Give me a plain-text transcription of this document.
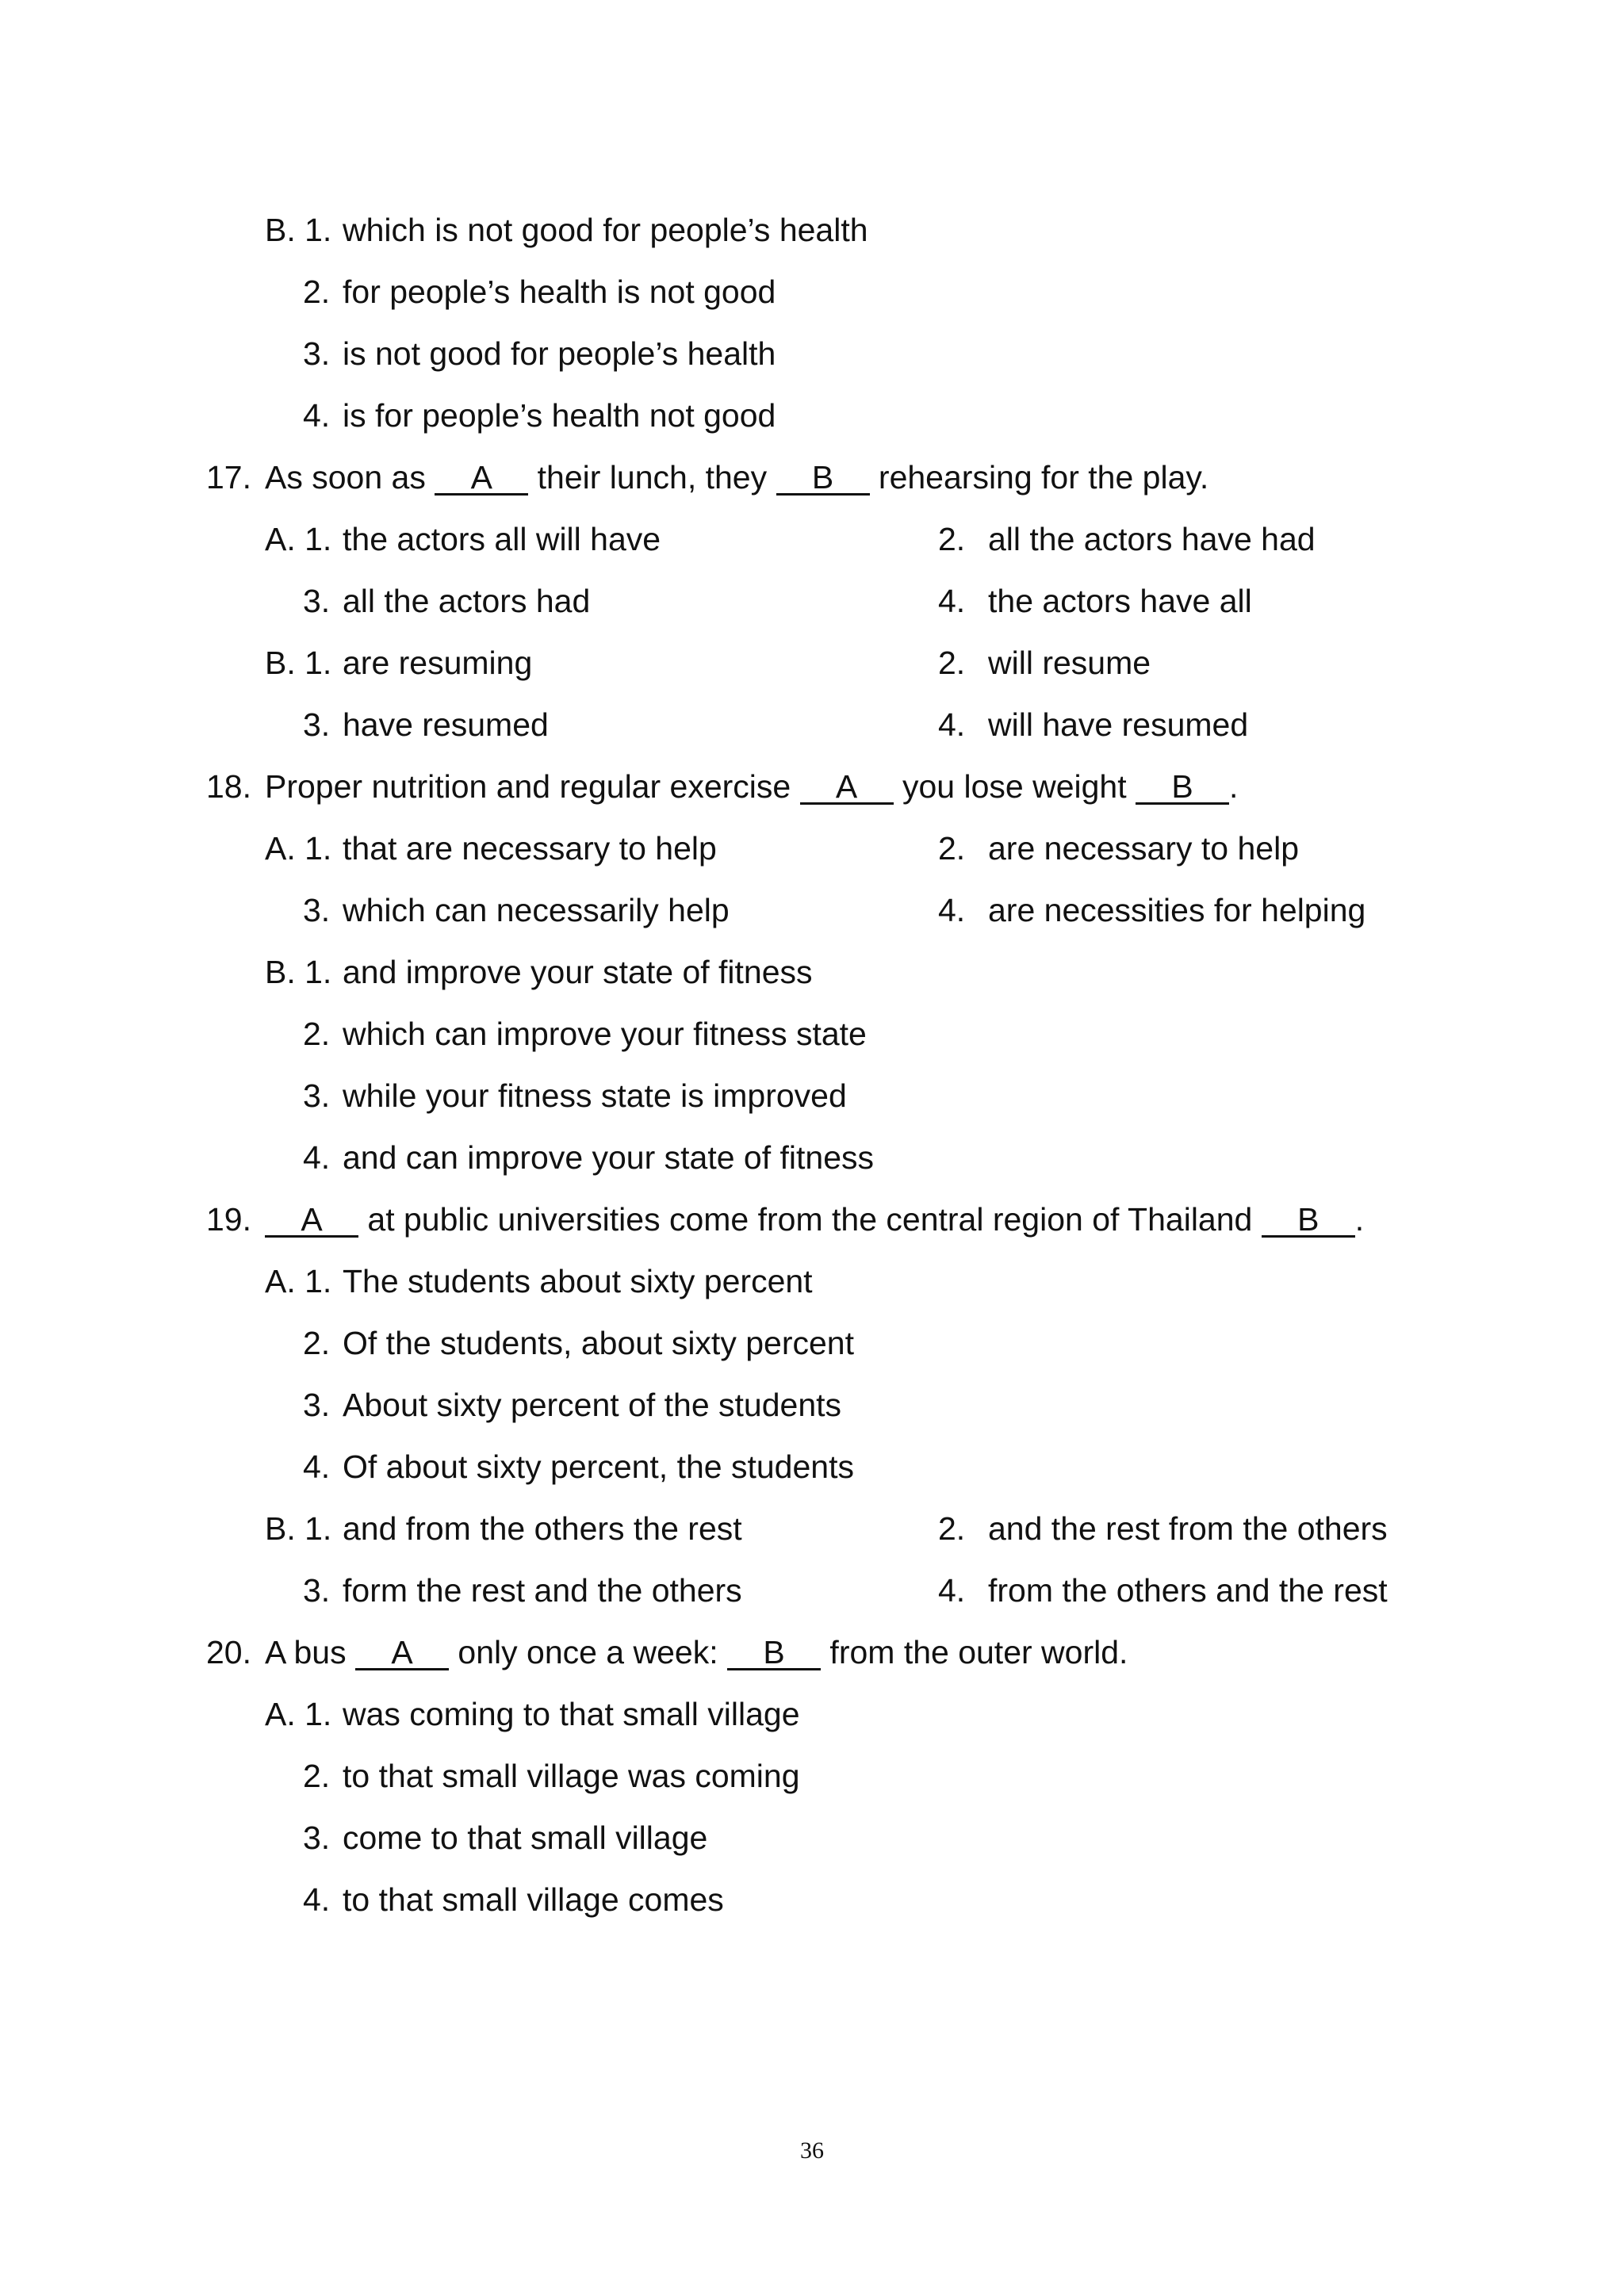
B. 1. which is not good for people’s health
2. for people’s health is not good
3. is not good for people’s health
4. is for people’s health not good
17. As soon as A their lunch, they B rehearsing for the play.
A. 1. the actors all will have	2. all the actors have had
3. all the actors had	4. the actors have all
B. 1. are resuming	2. will resume
3. have resumed	4. will have resumed
18. Proper nutrition and regular exercise A you lose weight B .
A. 1. that are necessary to help	2. are necessary to help
3. which can necessarily help	4. are necessities for helping
B. 1. and improve your state of fitness
2. which can improve your fitness state
3. while your fitness state is improved
4. and can improve your state of fitness
19.	A at public universities come from the central region of Thailand B .
A. 1. The students about sixty percent
2. Of the students, about sixty percent
3. About sixty percent of the students
4. Of about sixty percent, the students
B. 1. and from the others the rest	2. and the rest from the others
3. form the rest and the others	4. from the others and the rest
20. A bus A only once a week: B from the outer world.
A. 1. was coming to that small village
2. to that small village was coming
3. come to that small village
4. to that small village comes
36
